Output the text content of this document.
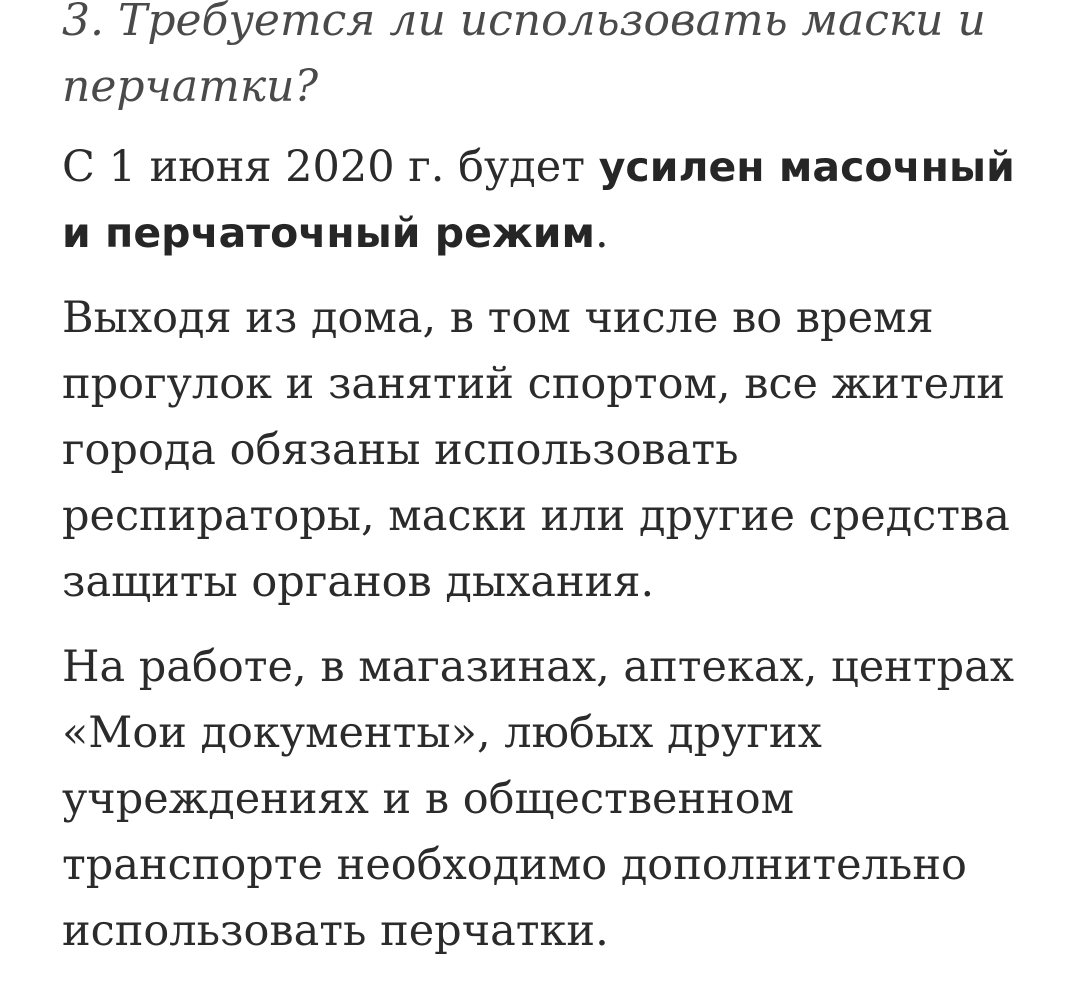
3. Требуется ли использовать маски и перчатки?

С 1 июня 2020 г. будет усилен масочный и перчаточный режим.

Выходя из дома, в том числе во время прогулок и занятий спортом, все жители города обязаны использовать респираторы, маски или другие средства защиты органов дыхания.

На работе, в магазинах, аптеках, центрах «Мои документы», любых других учреждениях и в общественном транспорте необходимо дополнительно использовать перчатки.
